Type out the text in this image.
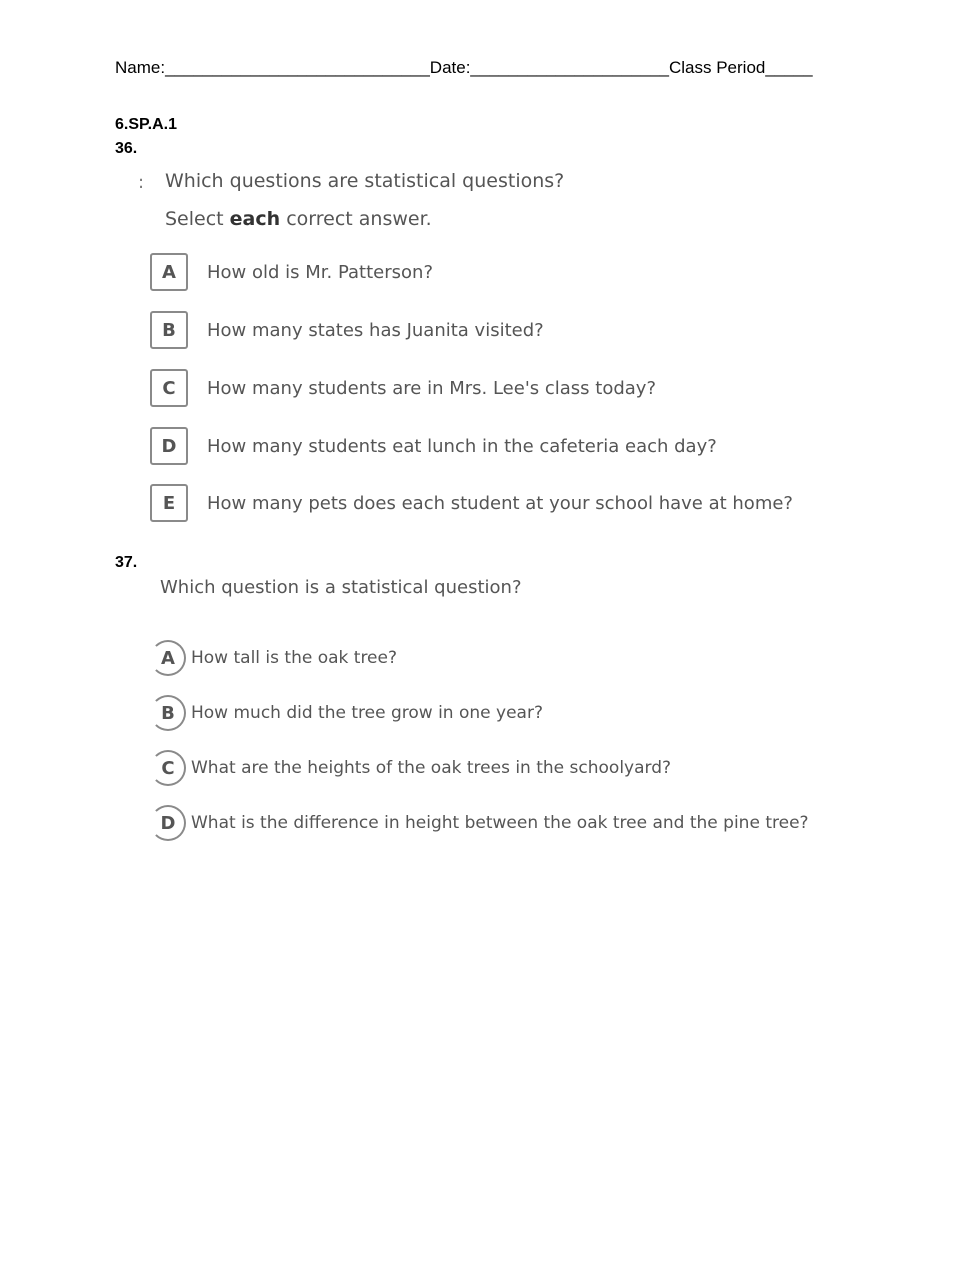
Name:____________________________Date:_____________________Class Period_____
6.SP.A.1
36.
: Which questions are statistical questions?
Select each correct answer.
A	How old is Mr. Patterson?
B	How many states has Juanita visited?
C	How many students are in Mrs. Lee's class today?
D	How many students eat lunch in the cafeteria each day?
E	How many pets does each student at your school have at home?
37.
Which question is a statistical question?
A How tall is the oak tree?
B How much did the tree grow in one year?
C What are the heights of the oak trees in the schoolyard?
D What is the difference in height between the oak tree and the pine tree?
